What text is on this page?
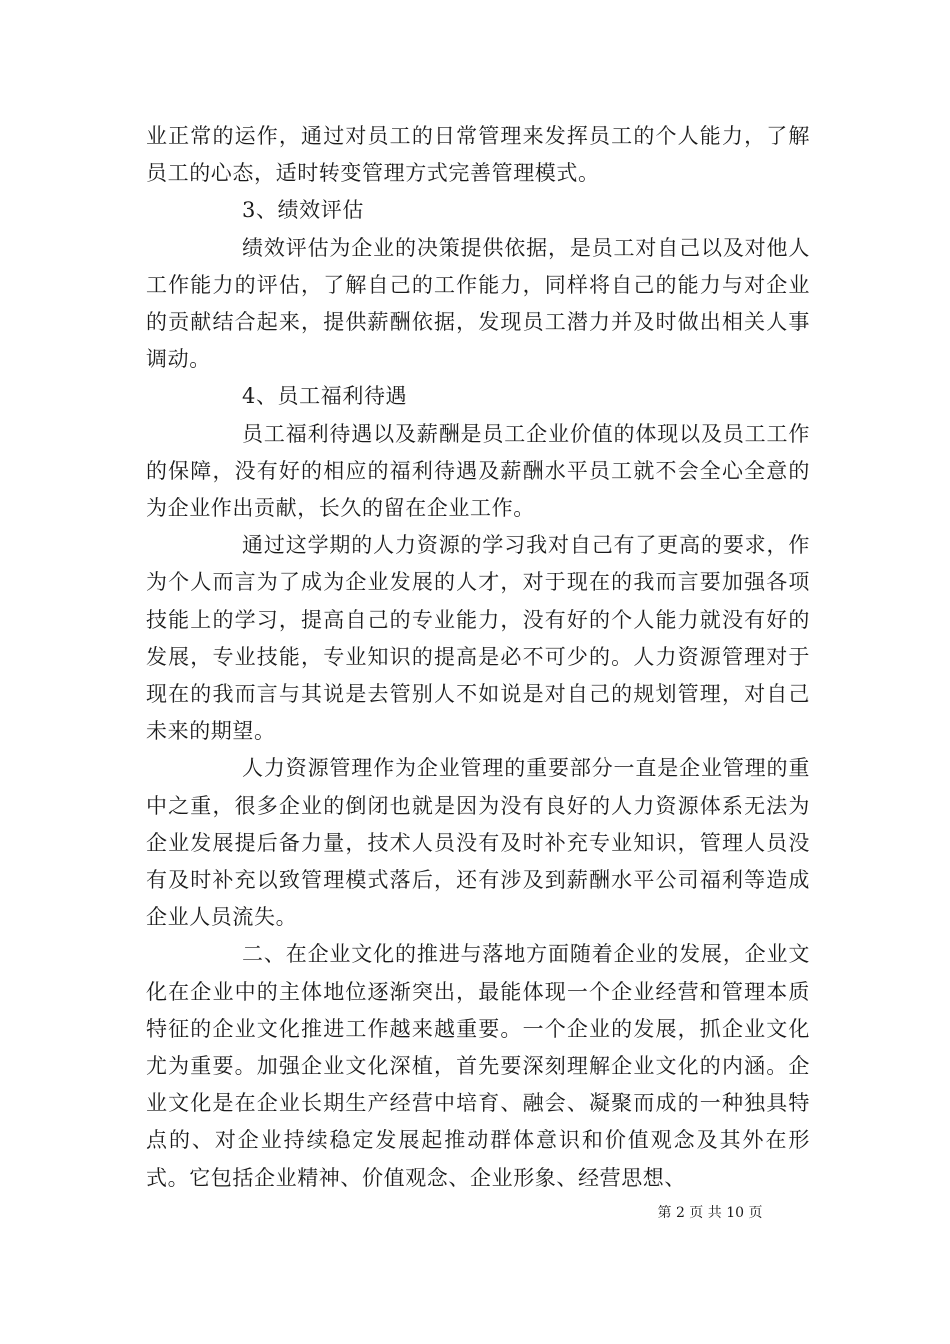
业正常的运作，通过对员工的日常管理来发挥员工的个人能力，了解员工的心态，适时转变管理方式完善管理模式。

3、绩效评估

绩效评估为企业的决策提供依据，是员工对自己以及对他人工作能力的评估，了解自己的工作能力，同样将自己的能力与对企业的贡献结合起来，提供薪酬依据，发现员工潜力并及时做出相关人事调动。

4、员工福利待遇

员工福利待遇以及薪酬是员工企业价值的体现以及员工工作的保障，没有好的相应的福利待遇及薪酬水平员工就不会全心全意的为企业作出贡献，长久的留在企业工作。

通过这学期的人力资源的学习我对自己有了更高的要求，作为个人而言为了成为企业发展的人才，对于现在的我而言要加强各项技能上的学习，提高自己的专业能力，没有好的个人能力就没有好的发展，专业技能，专业知识的提高是必不可少的。人力资源管理对于现在的我而言与其说是去管别人不如说是对自己的规划管理，对自己未来的期望。

人力资源管理作为企业管理的重要部分一直是企业管理的重中之重，很多企业的倒闭也就是因为没有良好的人力资源体系无法为企业发展提后备力量，技术人员没有及时补充专业知识，管理人员没有及时补充以致管理模式落后，还有涉及到薪酬水平公司福利等造成企业人员流失。

二、在企业文化的推进与落地方面随着企业的发展，企业文化在企业中的主体地位逐渐突出，最能体现一个企业经营和管理本质特征的企业文化推进工作越来越重要。一个企业的发展，抓企业文化尤为重要。加强企业文化深植，首先要深刻理解企业文化的内涵。企业文化是在企业长期生产经营中培育、融会、凝聚而成的一种独具特点的、对企业持续稳定发展起推动群体意识和价值观念及其外在形式。它包括企业精神、价值观念、企业形象、经营思想、

第 2 页 共 10 页
